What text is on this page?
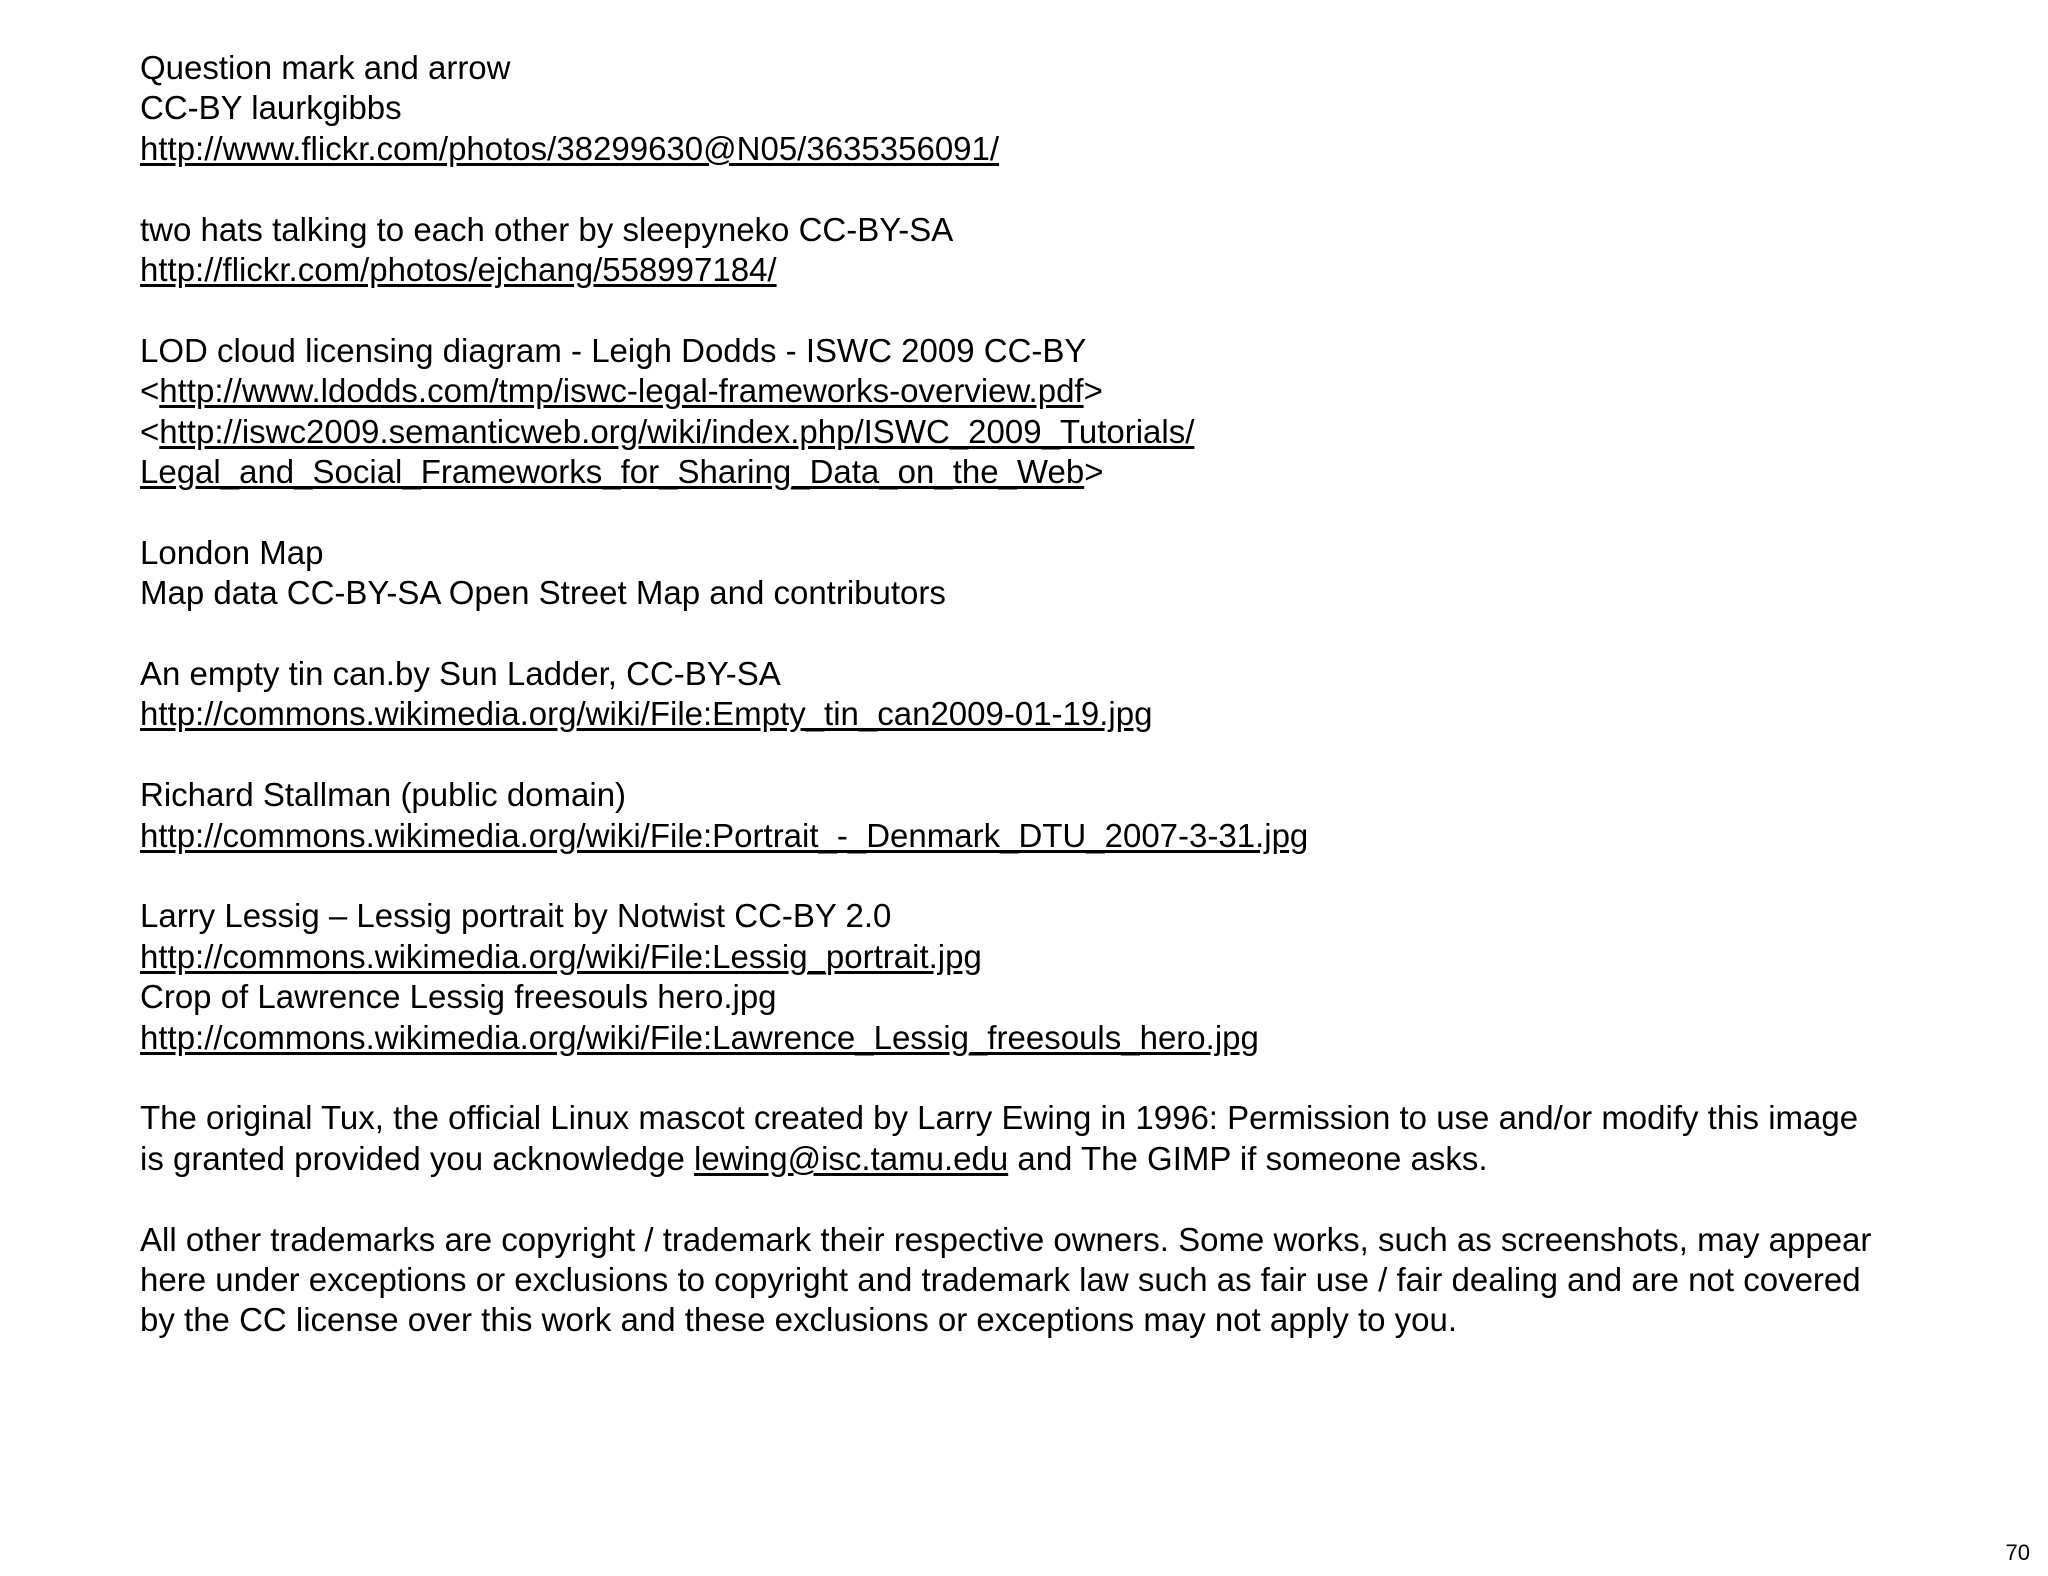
Question mark and arrow
CC-BY laurkgibbs
http://www.flickr.com/photos/38299630@N05/3635356091/
two hats talking to each other by sleepyneko CC-BY-SA
http://flickr.com/photos/ejchang/558997184/
LOD cloud licensing diagram - Leigh Dodds - ISWC 2009 CC-BY
<http://www.ldodds.com/tmp/iswc-legal-frameworks-overview.pdf>
<http://iswc2009.semanticweb.org/wiki/index.php/ISWC_2009_Tutorials/
Legal_and_Social_Frameworks_for_Sharing_Data_on_the_Web>
London Map
Map data CC-BY-SA Open Street Map and contributors
An empty tin can.by Sun Ladder, CC-BY-SA
http://commons.wikimedia.org/wiki/File:Empty_tin_can2009-01-19.jpg
Richard Stallman (public domain)
http://commons.wikimedia.org/wiki/File:Portrait_-_Denmark_DTU_2007-3-31.jpg
Larry Lessig – Lessig portrait by Notwist CC-BY 2.0
http://commons.wikimedia.org/wiki/File:Lessig_portrait.jpg
Crop of Lawrence Lessig freesouls hero.jpg
http://commons.wikimedia.org/wiki/File:Lawrence_Lessig_freesouls_hero.jpg
The original Tux, the official Linux mascot created by Larry Ewing in 1996: Permission to use and/or modify this image
is granted provided you acknowledge lewing@isc.tamu.edu and The GIMP if someone asks.
All other trademarks are copyright / trademark their respective owners. Some works, such as screenshots, may appear
here under exceptions or exclusions to copyright and trademark law such as fair use / fair dealing and are not covered
by the CC license over this work and these exclusions or exceptions may not apply to you.
70
